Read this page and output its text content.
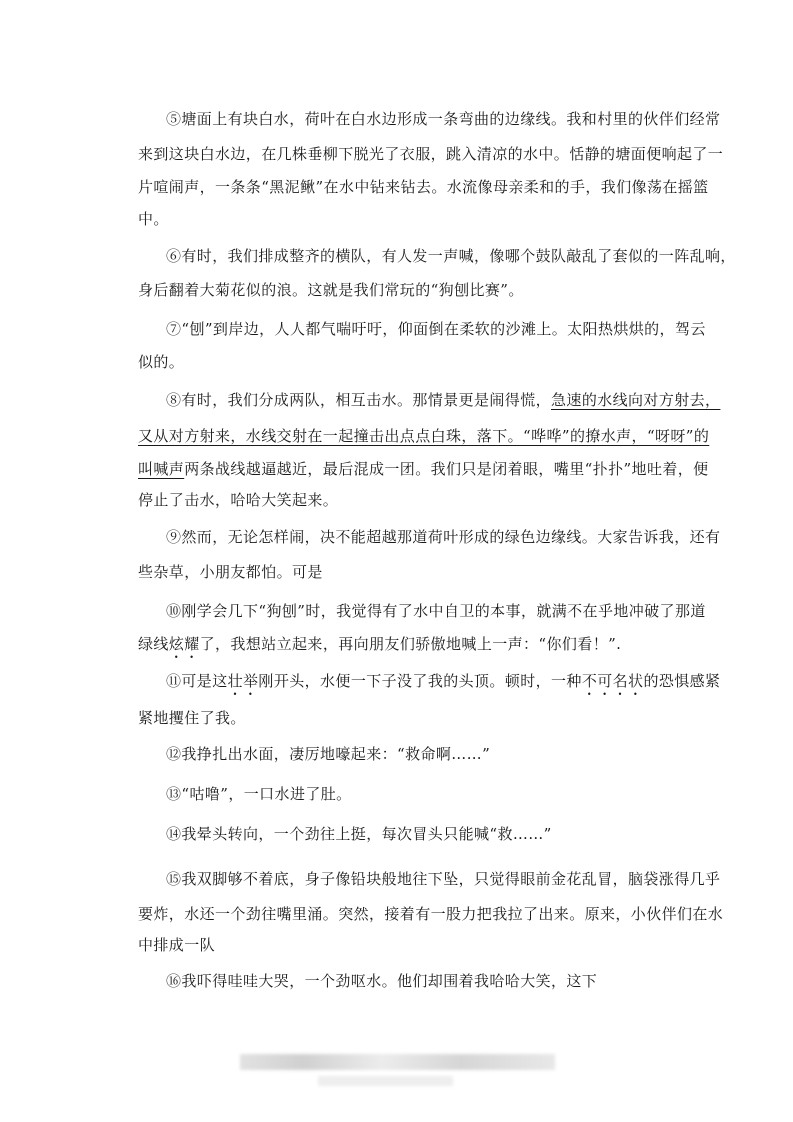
⑤塘面上有块白水，荷叶在白水边形成一条弯曲的边缘线。我和村里的伙伴们经常
来到这块白水边，在几株垂柳下脱光了衣服，跳入清凉的水中。恬静的塘面便响起了一
片喧闹声，一条条“黑泥鳅”在水中钻来钻去。水流像母亲柔和的手，我们像荡在摇篮
中。
⑥有时，我们排成整齐的横队，有人发一声喊，像哪个鼓队敲乱了套似的一阵乱响，
身后翻着大菊花似的浪。这就是我们常玩的“狗刨比赛”。
⑦“刨”到岸边，人人都气喘吁吁，仰面倒在柔软的沙滩上。太阳热烘烘的，驾云
似的。
⑧有时，我们分成两队，相互击水。那情景更是闹得慌，急速的水线向对方射去，
又从对方射来，水线交射在一起撞击出点点白珠，落下。“哗哗”的撩水声，“呀呀”的
叫喊声两条战线越逼越近，最后混成一团。我们只是闭着眼，嘴里“扑扑”地吐着，便
停止了击水，哈哈大笑起来。
⑨然而，无论怎样闹，决不能超越那道荷叶形成的绿色边缘线。大家告诉我，还有
些杂草，小朋友都怕。可是
⑩刚学会几下“狗刨”时，我觉得有了水中自卫的本事，就满不在乎地冲破了那道
绿线炫耀了，我想站立起来，再向朋友们骄傲地喊上一声：“你们看！”.
⑪可是这壮举刚开头，水便一下子没了我的头顶。顿时，一种不可名状的恐惧感紧
紧地攫住了我。
⑫我挣扎出水面，凄厉地嚎起来：“救命啊……”
⑬“咕噜”，一口水进了肚。
⑭我晕头转向，一个劲往上挺，每次冒头只能喊“救……”
⑮我双脚够不着底，身子像铅块般地往下坠，只觉得眼前金花乱冒，脑袋涨得几乎
要炸，水还一个劲往嘴里涌。突然，接着有一股力把我拉了出来。原来，小伙伴们在水
中排成一队
⑯我吓得哇哇大哭，一个劲呕水。他们却围着我哈哈大笑，这下
